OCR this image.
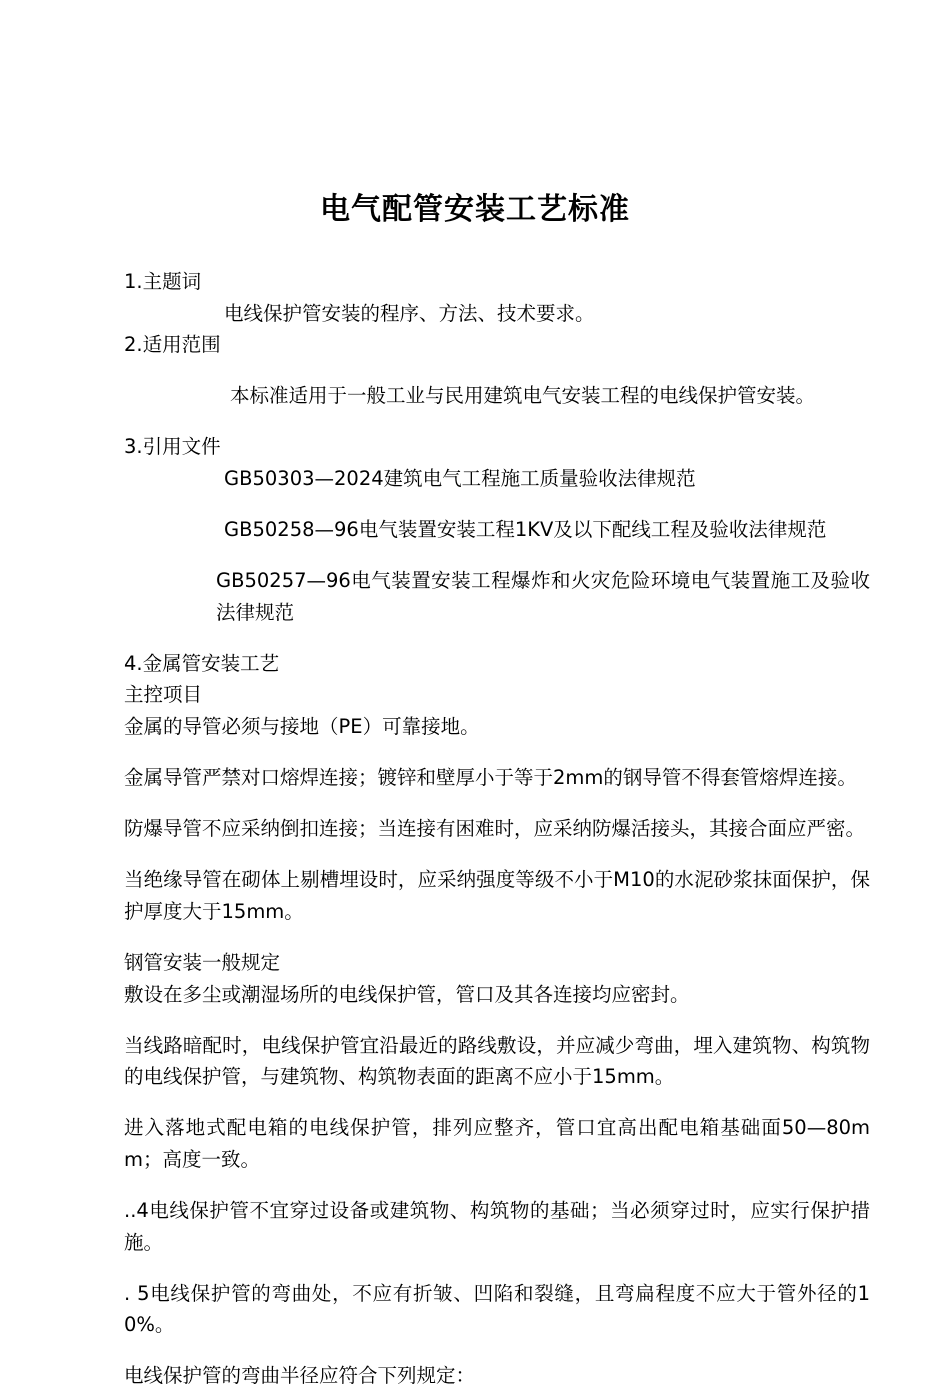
电气配管安装工艺标准

1.主题词

电线保护管安装的程序、方法、技术要求。

2.适用范围

本标准适用于一般工业与民用建筑电气安装工程的电线保护管安装。

3.引用文件

GB50303—2024建筑电气工程施工质量验收法律规范

GB50258—96电气装置安装工程1KV及以下配线工程及验收法律规范

GB50257—96电气装置安装工程爆炸和火灾危险环境电气装置施工及验收法律规范

4.金属管安装工艺

主控项目

金属的导管必须与接地（PE）可靠接地。

金属导管严禁对口熔焊连接；镀锌和壁厚小于等于2mm的钢导管不得套管熔焊连接。

防爆导管不应采纳倒扣连接；当连接有困难时，应采纳防爆活接头，其接合面应严密。

当绝缘导管在砌体上剔槽埋设时，应采纳强度等级不小于M10的水泥砂浆抹面保护，保护厚度大于15mm。

钢管安装一般规定

敷设在多尘或潮湿场所的电线保护管，管口及其各连接均应密封。

当线路暗配时，电线保护管宜沿最近的路线敷设，并应减少弯曲，埋入建筑物、构筑物的电线保护管，与建筑物、构筑物表面的距离不应小于15mm。

进入落地式配电箱的电线保护管，排列应整齐，管口宜高出配电箱基础面50—80mm；高度一致。

..4电线保护管不宜穿过设备或建筑物、构筑物的基础；当必须穿过时，应实行保护措施。

. 5电线保护管的弯曲处，不应有折皱、凹陷和裂缝，且弯扁程度不应大于管外径的10%。

电线保护管的弯曲半径应符合下列规定：
